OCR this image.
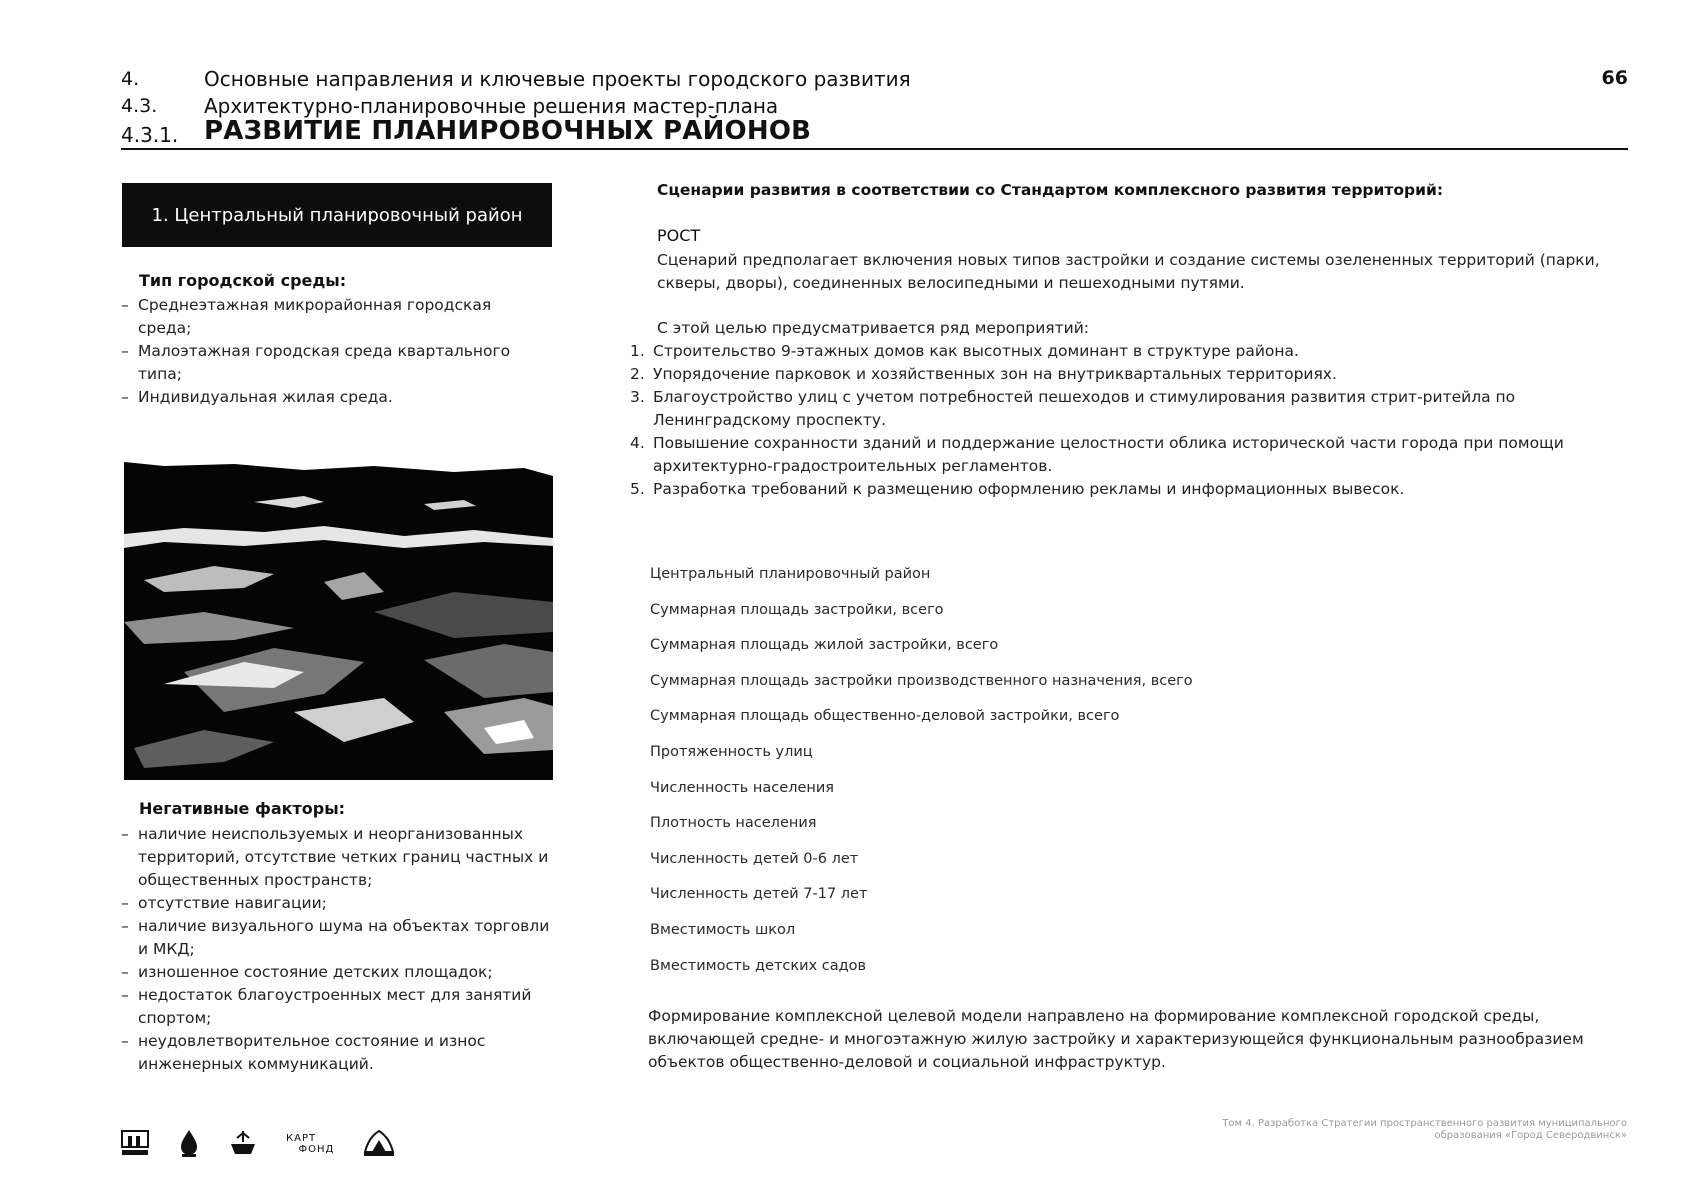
4.	Основные направления и ключевые проекты городского развития
4.3. Архитектурно-планировочные решения мастер-плана
4.3.1. РАЗВИТИЕ ПЛАНИРОВОЧНЫХ РАЙОНОВ
66
1. Центральный планировочный район
Тип городской среды:
– Среднеэтажная микрорайонная городская среда;
– Малоэтажная городская среда квартального типа;
– Индивидуальная жилая среда.
Негативные факторы:
– наличие неиспользуемых и неорганизованных территорий, отсутствие четких границ частных и общественных пространств;
– отсутствие навигации;
– наличие визуального шума на объектах торговли и МКД;
– изношенное состояние детских площадок;
– недостаток благоустроенных мест для занятий спортом;
– неудовлетворительное состояние и износ инженерных коммуникаций.
Сценарии развития в соответствии со Стандартом комплексного развития территорий:
РОСТ
Сценарий предполагает включения новых типов застройки и создание системы озелененных территорий (парки, скверы, дворы), соединенных велосипедными и пешеходными путями.
С этой целью предусматривается ряд мероприятий:
1. Строительство 9-этажных домов как высотных доминант в структуре района.
2. Упорядочение парковок и хозяйственных зон на внутриквартальных территориях.
3. Благоустройство улиц с учетом потребностей пешеходов и стимулирования развития стрит-ритейла по Ленинградскому проспекту.
4. Повышение сохранности зданий и поддержание целостности облика исторической части города при помощи архитектурно-градостроительных регламентов.
5. Разработка требований к размещению оформлению рекламы и информационных вывесок.
Центральный планировочный район
Суммарная площадь застройки, всего
Суммарная площадь жилой застройки, всего
Суммарная площадь застройки производственного назначения, всего
Суммарная площадь общественно-деловой застройки, всего
Протяженность улиц
Численность населения
Плотность населения
Численность детей 0-6 лет
Численность детей 7-17 лет
Вместимость школ
Вместимость детских садов
Формирование комплексной целевой модели направлено на формирование комплексной городской среды, включающей средне- и многоэтажную жилую застройку и характеризующейся функциональным разнообразием объектов общественно-деловой и социальной инфраструктур.
КАРТ
ФОНД
Том 4. Разработка Стратегии пространственного развития муниципального образования «Город Северодвинск»
